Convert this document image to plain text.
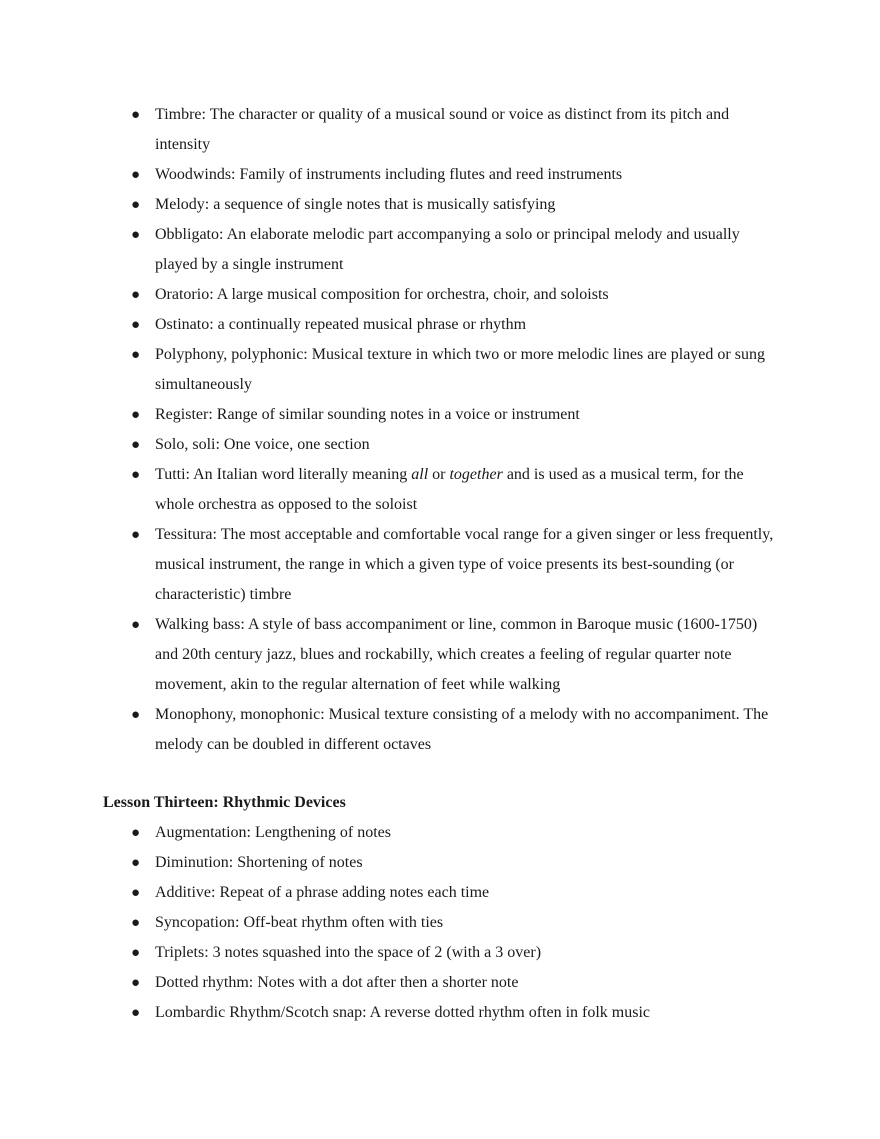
● Timbre: The character or quality of a musical sound or voice as distinct from its pitch and intensity
● Woodwinds: Family of instruments including flutes and reed instruments
● Melody: a sequence of single notes that is musically satisfying
● Obbligato: An elaborate melodic part accompanying a solo or principal melody and usually played by a single instrument
● Oratorio: A large musical composition for orchestra, choir, and soloists
● Ostinato: a continually repeated musical phrase or rhythm
● Polyphony, polyphonic: Musical texture in which two or more melodic lines are played or sung simultaneously
● Register: Range of similar sounding notes in a voice or instrument
● Solo, soli: One voice, one section
● Tutti: An Italian word literally meaning all or together and is used as a musical term, for the whole orchestra as opposed to the soloist
● Tessitura: The most acceptable and comfortable vocal range for a given singer or less frequently, musical instrument, the range in which a given type of voice presents its best-sounding (or characteristic) timbre
● Walking bass: A style of bass accompaniment or line, common in Baroque music (1600-1750) and 20th century jazz, blues and rockabilly, which creates a feeling of regular quarter note movement, akin to the regular alternation of feet while walking
● Monophony, monophonic: Musical texture consisting of a melody with no accompaniment. The melody can be doubled in different octaves
Lesson Thirteen: Rhythmic Devices
● Augmentation: Lengthening of notes
● Diminution: Shortening of notes
● Additive: Repeat of a phrase adding notes each time
● Syncopation: Off-beat rhythm often with ties
● Triplets: 3 notes squashed into the space of 2 (with a 3 over)
● Dotted rhythm: Notes with a dot after then a shorter note
● Lombardic Rhythm/Scotch snap: A reverse dotted rhythm often in folk music
